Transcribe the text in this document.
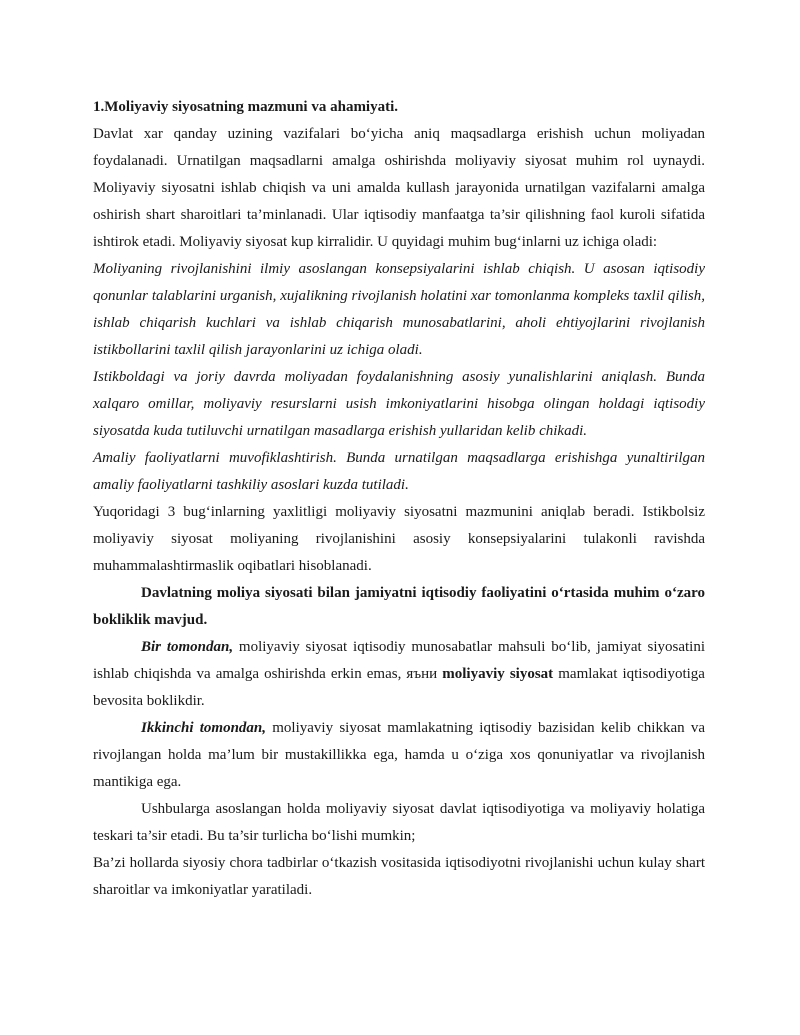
1.Moliyaviy siyosatning mazmuni va ahamiyati.

Davlat xar qanday uzining vazifalari bo‘yicha aniq maqsadlarga erishish uchun moliyadan foydalanadi. Urnatilgan maqsadlarni amalga oshirishda moliyaviy siyosat muhim rol uynaydi. Moliyaviy siyosatni ishlab chiqish va uni amalda kullash jarayonida urnatilgan vazifalarni amalga oshirish shart sharoitlari ta’minlanadi. Ular iqtisodiy manfaatga ta’sir qilishning faol kuroli sifatida ishtirok etadi. Moliyaviy siyosat kup kirralidir. U quyidagi muhim bug‘inlarni uz ichiga oladi:

Moliyaning rivojlanishini ilmiy asoslangan konsepsiyalarini ishlab chiqish. U asosan iqtisodiy qonunlar talablarini urganish, xujalikning rivojlanish holatini xar tomonlanma kompleks taxlil qilish, ishlab chiqarish kuchlari va ishlab chiqarish munosabatlarini, aholi ehtiyojlarini rivojlanish istikbollarini taxlil qilish jarayonlarini uz ichiga oladi.

Istikboldagi va joriy davrda moliyadan foydalanishning asosiy yunalishlarini aniqlash. Bunda xalqaro omillar, moliyaviy resurslarni usish imkoniyatlarini hisobga olingan holdagi iqtisodiy siyosatda kuda tutiluvchi urnatilgan masadlarga erishish yullaridan kelib chikadi.

Amaliy faoliyatlarni muvofiklashtirish. Bunda urnatilgan maqsadlarga erishishga yunaltirilgan amaliy faoliyatlarni tashkiliy asoslari kuzda tutiladi.

Yuqoridagi 3 bug‘inlarning yaxlitligi moliyaviy siyosatni mazmunini aniqlab beradi. Istikbolsiz moliyaviy siyosat moliyaning rivojlanishini asosiy konsepsiyalarini tulakonli ravishda muhammalashtirmaslik oqibatlari hisoblanadi.

Davlatning moliya siyosati bilan jamiyatni iqtisodiy faoliyatini o‘rtasida muhim o‘zaro bokliklik mavjud.

Bir tomondan, moliyaviy siyosat iqtisodiy munosabatlar mahsuli bo‘lib, jamiyat siyosatini ishlab chiqishda va amalga oshirishda erkin emas, яъни moliyaviy siyosat mamlakat iqtisodiyotiga bevosita boklikdir.

Ikkinchi tomondan, moliyaviy siyosat mamlakatning iqtisodiy bazisidan kelib chikkan va rivojlangan holda ma’lum bir mustakillikka ega, hamda u o‘ziga xos qonuniyatlar va rivojlanish mantikiga ega.

Ushbularga asoslangan holda moliyaviy siyosat davlat iqtisodiyotiga va moliyaviy holatiga teskari ta’sir etadi. Bu ta’sir turlicha bo‘lishi mumkin;

Ba’zi hollarda siyosiy chora tadbirlar o‘tkazish vositasida iqtisodiyotni rivojlanishi uchun kulay shart sharoitlar va imkoniyatlar yaratiladi.
